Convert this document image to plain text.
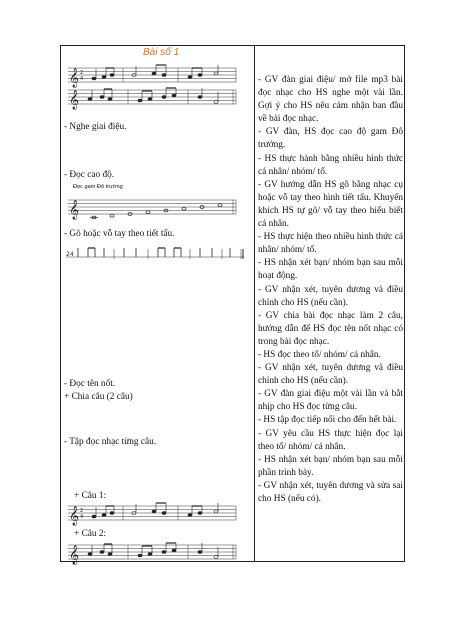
Bài số 1
𝄞 2
4
𝄞
- Nghe giai điệu.
- Đọc cao độ.
Đọc gam Đô trường
𝄞
- Gõ hoặc vỗ tay theo tiết tấu.
24
- Đọc tên nốt.
+ Chia câu (2 câu)
- Tập đọc nhạc từng câu.
+ Câu 1:
𝄞 2
4
+ Câu 2:
𝄞

- GV đàn giai điệu/ mở file mp3 bài đọc nhạc cho HS nghe một vài lần. Gợi ý cho HS nêu cảm nhận ban đầu về bài đọc nhạc.

- GV đàn, HS đọc cao độ gam Đô trưởng.

- HS thực hành bằng nhiều hình thức cá nhân/ nhóm/ tổ.

- GV hướng dẫn HS gõ bằng nhạc cụ hoặc vỗ tay theo hình tiết tấu. Khuyến khích HS tự gõ/ vỗ tay theo hiểu biết cá nhân.

- HS thực hiện theo nhiều hình thức cá nhân/ nhóm/ tổ.

- HS nhận xét bạn/ nhóm bạn sau mỗi hoạt động.

- GV nhận xét, tuyên dương và điều chỉnh cho HS (nếu cần).

- GV chia bài đọc nhạc làm 2 câu, hướng dẫn để HS đọc tên nốt nhạc có trong bài đọc nhạc.

- HS đọc theo tổ/ nhóm/ cá nhân.

- GV nhận xét, tuyên dương và điều chỉnh cho HS (nếu cần).

- GV đàn giai điệu một vài lần và bắt nhịp cho HS đọc từng câu.

- HS tập đọc tiếp nối cho đến hết bài.

- GV yêu cầu HS thực hiện đọc lại theo tổ/ nhóm/ cá nhân.

- HS nhận xét bạn/ nhóm bạn sau mỗi phần trình bày.

- GV nhận xét, tuyên dương và sửa sai cho HS (nếu có).
